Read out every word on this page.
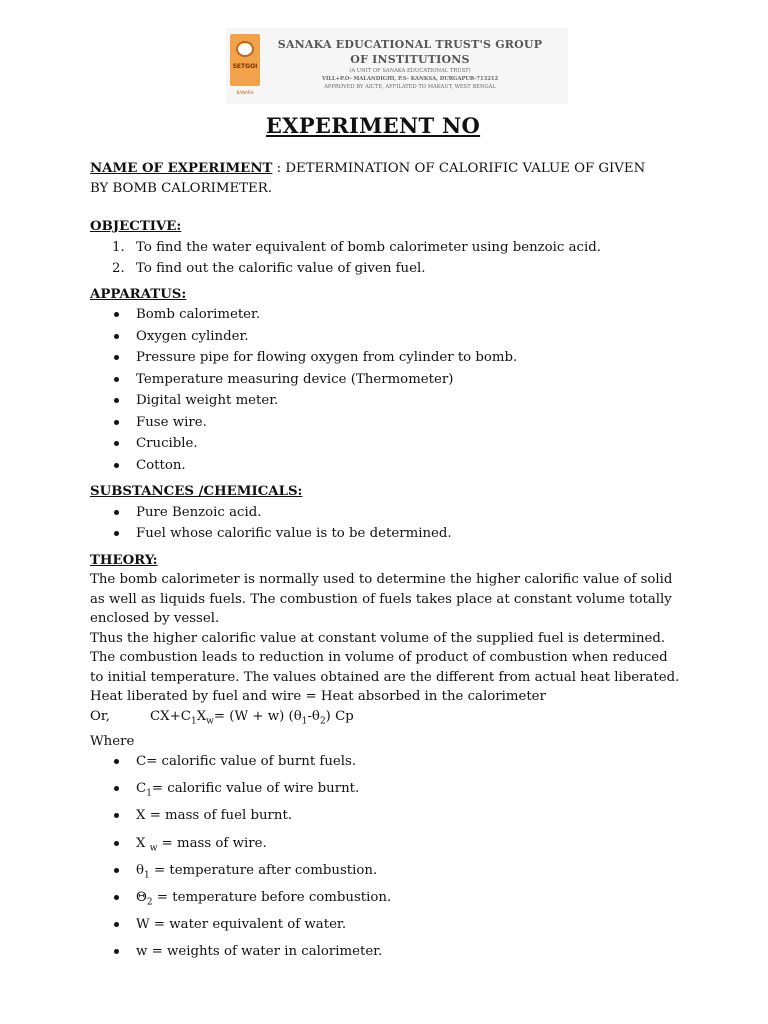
SETGOI
BANARH
SANAKA EDUCATIONAL TRUST'S GROUP OF INSTITUTIONS
(A UNIT OF SANAKA EDUCATIONAL TRUST)
VILL+P.O- MALANDIGHI, P.S- KANKSA, DURGAPUR-713212
APPROVED BY AICTE, AFFILATED TO MAKAUT, WEST BENGAL
EXPERIMENT NO

NAME OF EXPERIMENT : DETERMINATION OF CALORIFIC VALUE OF GIVEN

BY BOMB CALORIMETER.

OBJECTIVE:

1. To find the water equivalent of bomb calorimeter using benzoic acid.
2. To find out the calorific value of given fuel.

APPARATUS:

Bomb calorimeter.
Oxygen cylinder.
Pressure pipe for flowing oxygen from cylinder to bomb.
Temperature measuring device (Thermometer)
Digital weight meter.
Fuse wire.
Crucible.
Cotton.

SUBSTANCES /CHEMICALS:

Pure Benzoic acid.
Fuel whose calorific value is to be determined.

THEORY:

The bomb calorimeter is normally used to determine the higher calorific value of solid

as well as liquids fuels. The combustion of fuels takes place at constant volume totally

enclosed by vessel.

Thus the higher calorific value at constant volume of the supplied fuel is determined.

The combustion leads to reduction in volume of product of combustion when reduced

to initial temperature. The values obtained are the different from actual heat liberated.

Heat liberated by fuel and wire = Heat absorbed in the calorimeter

Or,	$CX+C_1X_w= (W + w)$ $(\theta_1-\theta_2)$ Cp

Where

C= calorific value of burnt fuels.
$C_1=$ calorific value of wire burnt.
X = mass of fuel burnt.
X $_w$ = mass of wire.
$\theta_1$ = temperature after combustion.
$\Theta_2$ = temperature before combustion.
W = water equivalent of water.
w = weights of water in calorimeter.
